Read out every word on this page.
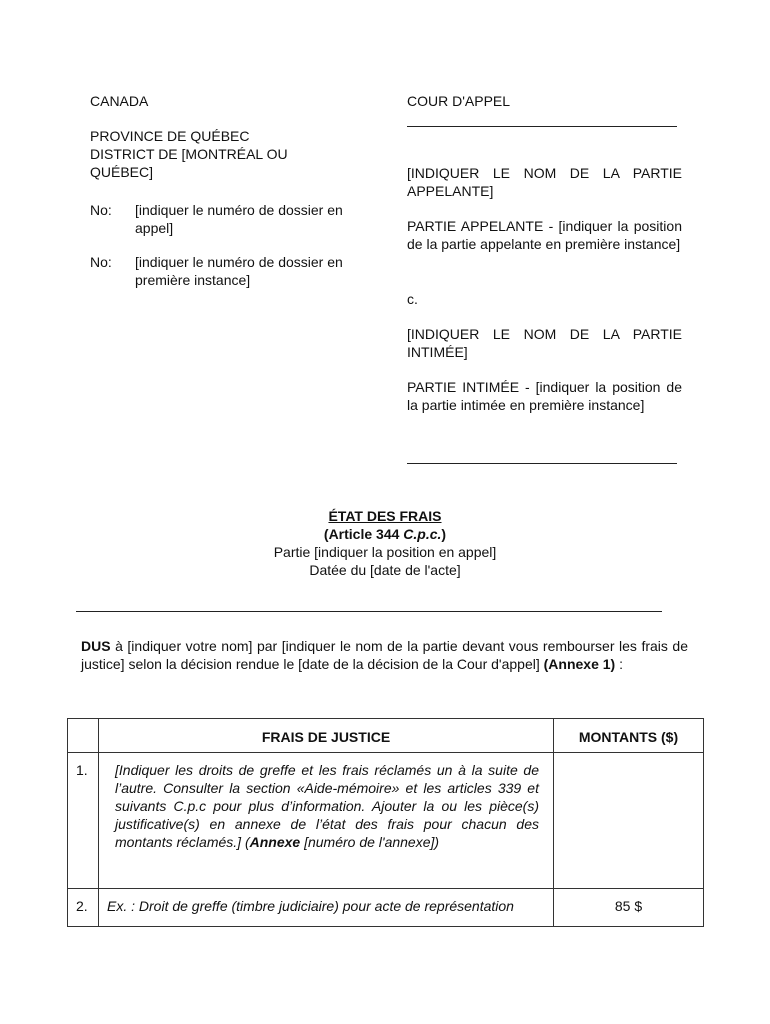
CANADA
PROVINCE DE QUÉBEC
DISTRICT DE [MONTRÉAL OU QUÉBEC]
No: [indiquer le numéro de dossier en appel]
No: [indiquer le numéro de dossier en première instance]
COUR D'APPEL
[INDIQUER LE NOM DE LA PARTIE APPELANTE]
PARTIE APPELANTE - [indiquer la position de la partie appelante en première instance]
c.
[INDIQUER LE NOM DE LA PARTIE INTIMÉE]
PARTIE INTIMÉE - [indiquer la position de la partie intimée en première instance]
ÉTAT DES FRAIS
(Article 344 C.p.c.)
Partie [indiquer la position en appel]
Datée du [date de l'acte]
DUS à [indiquer votre nom] par [indiquer le nom de la partie devant vous rembourser les frais de justice] selon la décision rendue le [date de la décision de la Cour d'appel] (Annexe 1) :
	FRAIS DE JUSTICE	MONTANTS ($)
1.	[Indiquer les droits de greffe et les frais réclamés un à la suite de l’autre. Consulter la section «Aide-mémoire» et les articles 339 et suivants C.p.c pour plus d’information. Ajouter la ou les pièce(s) justificative(s) en annexe de l’état des frais pour chacun des montants réclamés.] (Annexe [numéro de l'annexe])	
2.	Ex. : Droit de greffe (timbre judiciaire) pour acte de représentation	85 $
